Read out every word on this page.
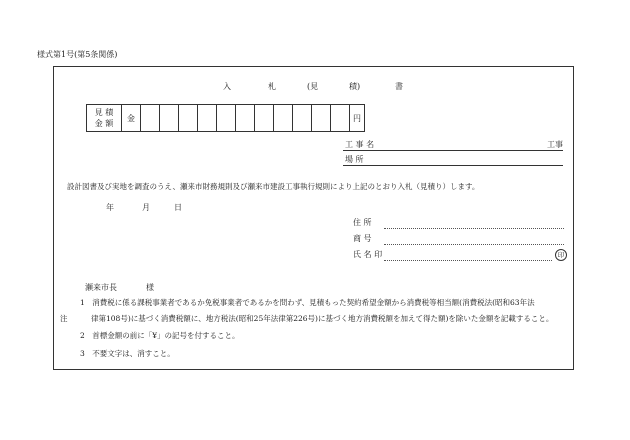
様式第1号(第5条関係)
入	札	(見	積)	書
見 積
金 額
	金												円
工 事 名	工事
場 所
設計図書及び実地を調査のうえ、瀬来市財務規則及び瀬来市建設工事執行規則により上記のとおり入札（見積り）します。
年	月	日
住 所
商 号
氏 名 印	印
瀬来市長	様
1　消費税に係る課税事業者であるか免税事業者であるかを問わず、見積もった契約希望金額から消費税等相当額(消費税法(昭和63年法
注	律第108号)に基づく消費税額に、地方税法(昭和25年法律第226号)に基づく地方消費税額を加えて得た額)を除いた金額を記載すること。
2　首標金額の前に「¥」の記号を付すること。
3　不要文字は、消すこと。
